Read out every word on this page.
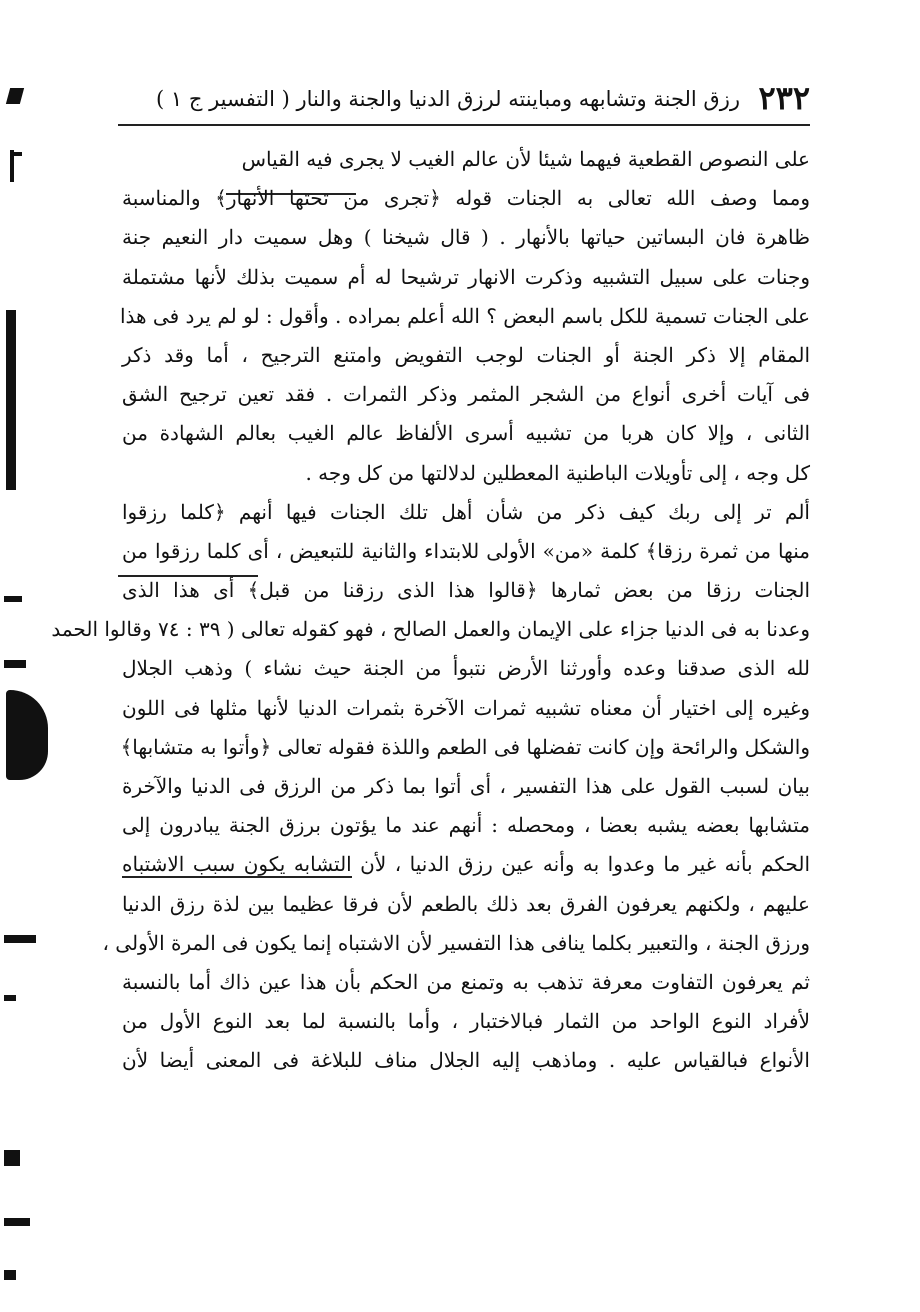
٢٣٢
رزق الجنة وتشابهه ومباينته لرزق الدنيا والجنة والنار ( التفسير ج ١ )
على النصوص القطعية فيهما شيئا لأن عالم الغيب لا يجرى فيه القياس
ومما وصف الله تعالى به الجنات قوله ﴿تجرى من تحتها الأنهار﴾ والمناسبة
ظاهرة فان البساتين حياتها بالأنهار . ( قال شيخنا ) وهل سميت دار النعيم جنة
وجنات على سبيل التشبيه وذكرت الانهار ترشيحا له أم سميت بذلك لأنها مشتملة
على الجنات تسمية للكل باسم البعض ؟ الله أعلم بمراده . وأقول : لو لم يرد فى هذا
المقام إلا ذكر الجنة أو الجنات لوجب التفويض وامتنع الترجيح ، أما وقد ذكر
فى آيات أخرى أنواع من الشجر المثمر وذكر الثمرات . فقد تعين ترجيح الشق
الثانى ، وإلا كان هربا من تشبيه أسرى الألفاظ عالم الغيب بعالم الشهادة من
كل وجه ، إلى تأويلات الباطنية المعطلين لدلالتها من كل وجه .
ألم تر إلى ربك كيف ذكر من شأن أهل تلك الجنات فيها أنهم ﴿كلما رزقوا
منها من ثمرة رزقا﴾ كلمة «من» الأولى للابتداء والثانية للتبعيض ، أى كلما رزقوا من
الجنات رزقا من بعض ثمارها ﴿قالوا هذا الذى رزقنا من قبل﴾ أى هذا الذى
وعدنا به فى الدنيا جزاء على الإيمان والعمل الصالح ، فهو كقوله تعالى ( ٣٩ : ٧٤ وقالوا الحمد
لله الذى صدقنا وعده وأورثنا الأرض نتبوأ من الجنة حيث نشاء ) وذهب الجلال
وغيره إلى اختيار أن معناه تشبيه ثمرات الآخرة بثمرات الدنيا لأنها مثلها فى اللون
والشكل والرائحة وإن كانت تفضلها فى الطعم واللذة فقوله تعالى ﴿وأتوا به متشابها﴾
بيان لسبب القول على هذا التفسير ، أى أتوا بما ذكر من الرزق فى الدنيا والآخرة
متشابها بعضه يشبه بعضا ، ومحصله : أنهم عند ما يؤتون برزق الجنة يبادرون إلى
الحكم بأنه غير ما وعدوا به وأنه عين رزق الدنيا ، لأن التشابه يكون سبب الاشتباه
عليهم ، ولكنهم يعرفون الفرق بعد ذلك بالطعم لأن فرقا عظيما بين لذة رزق الدنيا
ورزق الجنة ، والتعبير بكلما ينافى هذا التفسير لأن الاشتباه إنما يكون فى المرة الأولى ،
ثم يعرفون التفاوت معرفة تذهب به وتمنع من الحكم بأن هذا عين ذاك أما بالنسبة
لأفراد النوع الواحد من الثمار فبالاختبار ، وأما بالنسبة لما بعد النوع الأول من
الأنواع فبالقياس عليه . وماذهب إليه الجلال مناف للبلاغة فى المعنى أيضا لأن
